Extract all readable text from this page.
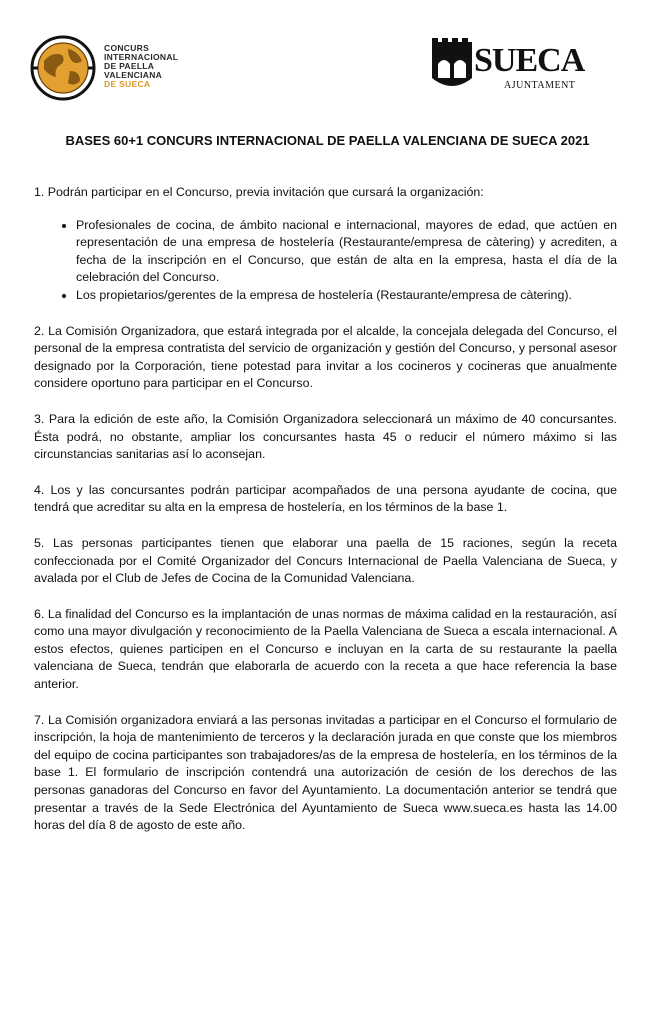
CONCURS
INTERNACIONAL
DE PAELLA
VALENCIANA
DE SUECA
SUECA
AJUNTAMENT
BASES 60+1 CONCURS INTERNACIONAL DE PAELLA VALENCIANA DE SUECA 2021

1. Podrán participar en el Concurso, previa invitación que cursará la organización:

• Profesionales de cocina, de ámbito nacional e internacional, mayores de edad, que actúen en representación de una empresa de hostelería (Restaurante/empresa de càtering) y acrediten, a fecha de la inscripción en el Concurso, que están de alta en la empresa, hasta el día de la celebración del Concurso.
• Los propietarios/gerentes de la empresa de hostelería (Restaurante/empresa de càtering).

2. La Comisión Organizadora, que estará integrada por el alcalde, la concejala delegada del Concurso, el personal de la empresa contratista del servicio de organización y gestión del Concurso, y personal asesor designado por la Corporación, tiene potestad para invitar a los cocineros y cocineras que anualmente considere oportuno para participar en el Concurso.

3. Para la edición de este año, la Comisión Organizadora seleccionará un máximo de 40 concursantes. Ésta podrá, no obstante, ampliar los concursantes hasta 45 o reducir el número máximo si las circunstancias sanitarias así lo aconsejan.

4. Los y las concursantes podrán participar acompañados de una persona ayudante de cocina, que tendrá que acreditar su alta en la empresa de hostelería, en los términos de la base 1.

5. Las personas participantes tienen que elaborar una paella de 15 raciones, según la receta confeccionada por el Comité Organizador del Concurs Internacional de Paella Valenciana de Sueca, y avalada por el Club de Jefes de Cocina de la Comunidad Valenciana.

6. La finalidad del Concurso es la implantación de unas normas de máxima calidad en la restauración, así como una mayor divulgación y reconocimiento de la Paella Valenciana de Sueca a escala internacional. A estos efectos, quienes participen en el Concurso e incluyan en la carta de su restaurante la paella valenciana de Sueca, tendrán que elaborarla de acuerdo con la receta a que hace referencia la base anterior.

7. La Comisión organizadora enviará a las personas invitadas a participar en el Concurso el formulario de inscripción, la hoja de mantenimiento de terceros y la declaración jurada en que conste que los miembros del equipo de cocina participantes son trabajadores/as de la empresa de hostelería, en los términos de la base 1. El formulario de inscripción contendrá una autorización de cesión de los derechos de las personas ganadoras del Concurso en favor del Ayuntamiento. La documentación anterior se tendrá que presentar a través de la Sede Electrónica del Ayuntamiento de Sueca www.sueca.es hasta las 14.00 horas del día 8 de agosto de este año.
